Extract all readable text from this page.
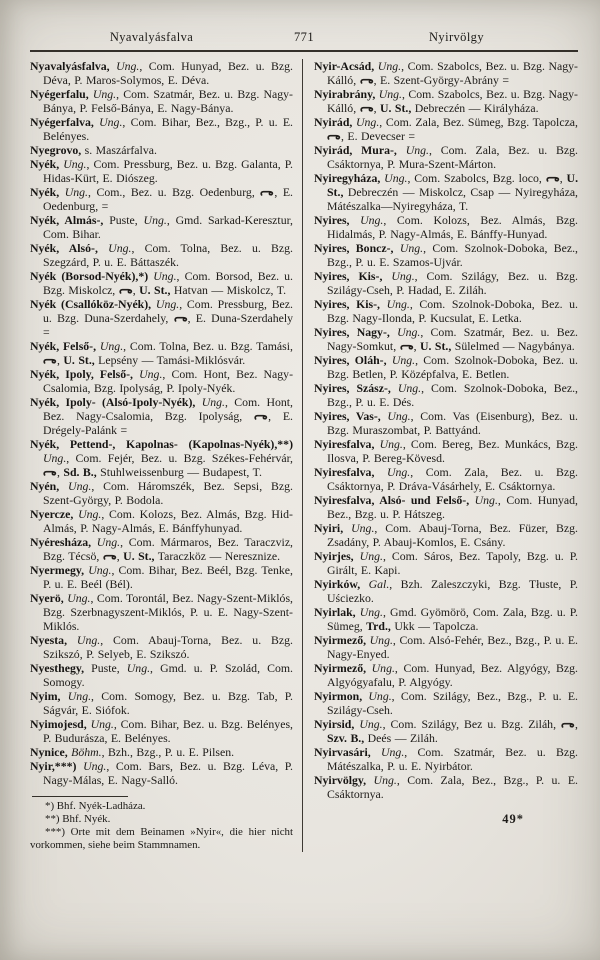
Nyavalyásfalva	771	Nyirvölgy

Nyavalyásfalva, Ung., Com. Hunyad, Bez. u. Bzg. Déva, P. Maros-Solymos, E. Déva.

Nyégerfalu, Ung., Com. Szatmár, Bez. u. Bzg. Nagy-Bánya, P. Felső-Bánya, E. Nagy-Bánya.

Nyégerfalva, Ung., Com. Bihar, Bez., Bzg., P. u. E. Belényes.

Nyegrovo, s. Maszárfalva.

Nyék, Ung., Com. Pressburg, Bez. u. Bzg. Galanta, P. Hidas-Kürt, E. Diószeg.

Nyék, Ung., Com., Bez. u. Bzg. Oedenburg, , E. Oedenburg, =

Nyék, Almás-, Puste, Ung., Gmd. Sarkad-Keresztur, Com. Bihar.

Nyék, Alsó-, Ung., Com. Tolna, Bez. u. Bzg. Szegzárd, P. u. E. Báttaszék.

Nyék (Borsod-Nyék),*) Ung., Com. Borsod, Bez. u. Bzg. Miskolcz, , U. St., Hatvan — Miskolcz, T.

Nyék (Csallóköz-Nyék), Ung., Com. Pressburg, Bez. u. Bzg. Duna-Szerdahely, , E. Duna-Szerdahely =

Nyék, Felső-, Ung., Com. Tolna, Bez. u. Bzg. Tamási, , U. St., Lepsény — Tamási-Miklósvár.

Nyék, Ipoly, Felső-, Ung., Com. Hont, Bez. Nagy-Csalomia, Bzg. Ipolyság, P. Ipoly-Nyék.

Nyék, Ipoly- (Alsó-Ipoly-Nyék), Ung., Com. Hont, Bez. Nagy-Csalomia, Bzg. Ipolyság, , E. Drégely-Palánk =

Nyék, Pettend-, Kapolnas- (Kapolnas-Nyék),**) Ung., Com. Fejér, Bez. u. Bzg. Székes-Fehérvár, , Sd. B., Stuhlweissenburg — Budapest, T.

Nyén, Ung., Com. Háromszék, Bez. Sepsi, Bzg. Szent-György, P. Bodola.

Nyercze, Ung., Com. Kolozs, Bez. Almás, Bzg. Hid-Almás, P. Nagy-Almás, E. Bánffyhunyad.

Nyéresháza, Ung., Com. Mármaros, Bez. Taraczviz, Bzg. Técsö, , U. St., Taraczköz — Neresznize.

Nyermegy, Ung., Com. Bihar, Bez. Beél, Bzg. Tenke, P. u. E. Beél (Bél).

Nyerö, Ung., Com. Torontál, Bez. Nagy-Szent-Miklós, Bzg. Szerbnagyszent-Miklós, P. u. E. Nagy-Szent-Miklós.

Nyesta, Ung., Com. Abauj-Torna, Bez. u. Bzg. Szikszó, P. Selyeb, E. Szikszó.

Nyesthegy, Puste, Ung., Gmd. u. P. Szolád, Com. Somogy.

Nyim, Ung., Com. Somogy, Bez. u. Bzg. Tab, P. Ságvár, E. Siófok.

Nyimojesd, Ung., Com. Bihar, Bez. u. Bzg. Belényes, P. Budurásza, E. Belényes.

Nynice, Böhm., Bzh., Bzg., P. u. E. Pilsen.

Nyir,***) Ung., Com. Bars, Bez. u. Bzg. Léva, P. Nagy-Málas, E. Nagy-Salló.

*) Bhf. Nyék-Ladháza.

**) Bhf. Nyék.

***) Orte mit dem Beinamen »Nyir«, die hier nicht vorkommen, siehe beim Stammnamen.

Nyir-Acsád, Ung., Com. Szabolcs, Bez. u. Bzg. Nagy-Kálló, , E. Szent-György-Abrány =

Nyirabrány, Ung., Com. Szabolcs, Bez. u. Bzg. Nagy-Kálló, , U. St., Debreczén — Királyháza.

Nyirád, Ung., Com. Zala, Bez. Sümeg, Bzg. Tapolcza, , E. Devecser =

Nyirád, Mura-, Ung., Com. Zala, Bez. u. Bzg. Csáktornya, P. Mura-Szent-Márton.

Nyiregyháza, Ung., Com. Szabolcs, Bzg. loco, , U. St., Debreczén — Miskolcz, Csap — Nyiregyháza, Mátészalka—Nyiregyháza, T.

Nyires, Ung., Com. Kolozs, Bez. Almás, Bzg. Hidalmás, P. Nagy-Almás, E. Bánffy-Hunyad.

Nyires, Boncz-, Ung., Com. Szolnok-Doboka, Bez., Bzg., P. u. E. Szamos-Ujvár.

Nyires, Kis-, Ung., Com. Szilágy, Bez. u. Bzg. Szilágy-Cseh, P. Hadad, E. Ziláh.

Nyires, Kis-, Ung., Com. Szolnok-Doboka, Bez. u. Bzg. Nagy-Ilonda, P. Kucsulat, E. Letka.

Nyires, Nagy-, Ung., Com. Szatmár, Bez. u. Bez. Nagy-Somkut, , U. St., Sülelmed — Nagybánya.

Nyires, Oláh-, Ung., Com. Szolnok-Doboka, Bez. u. Bzg. Betlen, P. Középfalva, E. Betlen.

Nyires, Szász-, Ung., Com. Szolnok-Doboka, Bez., Bzg., P. u. E. Dés.

Nyires, Vas-, Ung., Com. Vas (Eisenburg), Bez. u. Bzg. Muraszombat, P. Battyánd.

Nyiresfalva, Ung., Com. Bereg, Bez. Munkács, Bzg. Ilosva, P. Bereg-Kövesd.

Nyiresfalva, Ung., Com. Zala, Bez. u. Bzg. Csáktornya, P. Dráva-Vásárhely, E. Csáktornya.

Nyiresfalva, Alsó- und Felső-, Ung., Com. Hunyad, Bez., Bzg. u. P. Hátszeg.

Nyiri, Ung., Com. Abauj-Torna, Bez. Füzer, Bzg. Zsadány, P. Abauj-Komlos, E. Csány.

Nyirjes, Ung., Com. Sáros, Bez. Tapoly, Bzg. u. P. Girált, E. Kapi.

Nyirków, Gal., Bzh. Zaleszczyki, Bzg. Tłuste, P. Uściezko.

Nyirlak, Ung., Gmd. Gyömörö, Com. Zala, Bzg. u. P. Sümeg, Trd., Ukk — Tapolcza.

Nyirmező, Ung., Com. Alsó-Fehér, Bez., Bzg., P. u. E. Nagy-Enyed.

Nyirmező, Ung., Com. Hunyad, Bez. Algyógy, Bzg. Algyógyafalu, P. Algyógy.

Nyirmon, Ung., Com. Szilágy, Bez., Bzg., P. u. E. Szilágy-Cseh.

Nyirsid, Ung., Com. Szilágy, Bez u. Bzg. Ziláh, , Szv. B., Deés — Ziláh.

Nyirvasári, Ung., Com. Szatmár, Bez. u. Bzg. Mátészalka, P. u. E. Nyirbátor.

Nyirvölgy, Ung., Com. Zala, Bez., Bzg., P. u. E. Csáktornya.

49*
